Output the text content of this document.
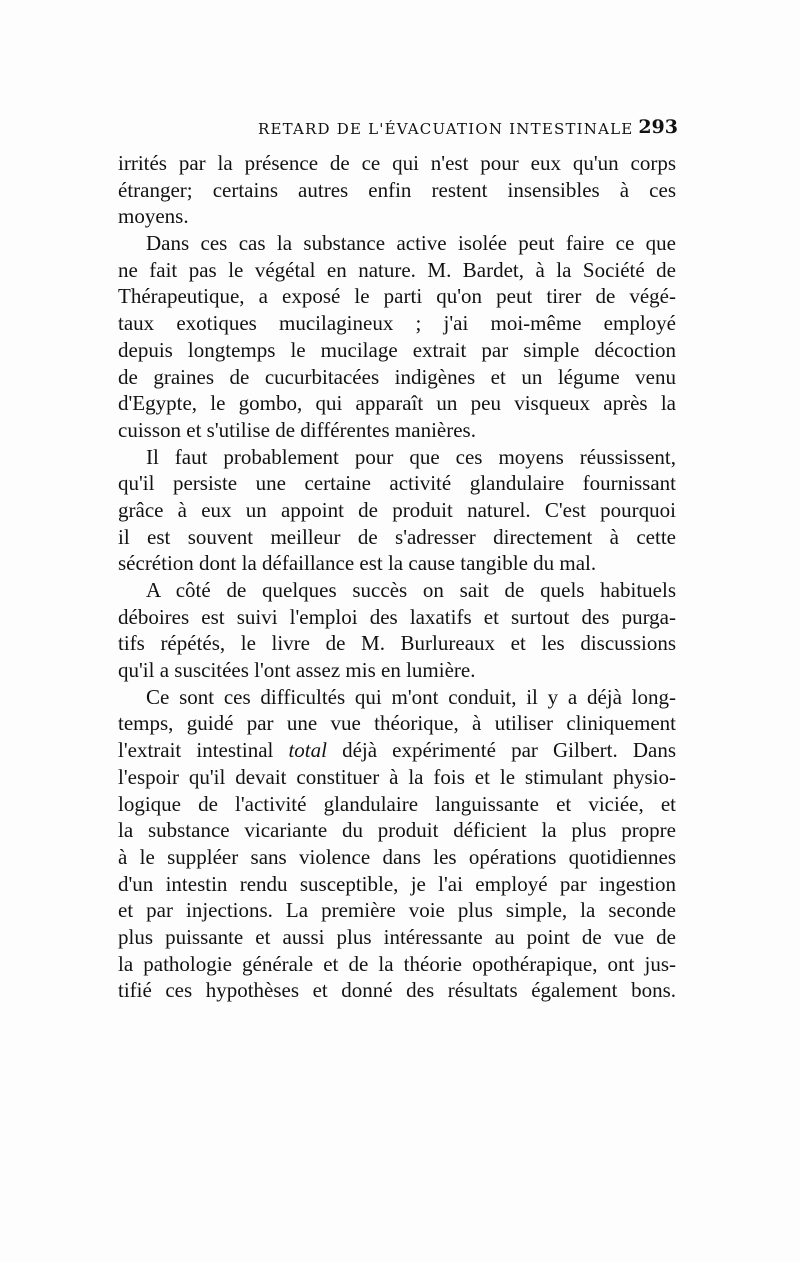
RETARD DE L'ÉVACUATION INTESTINALE 293
irrités par la présence de ce qui n'est pour eux qu'un corps
étranger; certains autres enfin restent insensibles à ces
moyens.
Dans ces cas la substance active isolée peut faire ce que
ne fait pas le végétal en nature. M. Bardet, à la Société de
Thérapeutique, a exposé le parti qu'on peut tirer de végé-
taux exotiques mucilagineux ; j'ai moi-même employé
depuis longtemps le mucilage extrait par simple décoction
de graines de cucurbitacées indigènes et un légume venu
d'Egypte, le gombo, qui apparaît un peu visqueux après la
cuisson et s'utilise de différentes manières.
Il faut probablement pour que ces moyens réussissent,
qu'il persiste une certaine activité glandulaire fournissant
grâce à eux un appoint de produit naturel. C'est pourquoi
il est souvent meilleur de s'adresser directement à cette
sécrétion dont la défaillance est la cause tangible du mal.
A côté de quelques succès on sait de quels habituels
déboires est suivi l'emploi des laxatifs et surtout des purga-
tifs répétés, le livre de M. Burlureaux et les discussions
qu'il a suscitées l'ont assez mis en lumière.
Ce sont ces difficultés qui m'ont conduit, il y a déjà long-
temps, guidé par une vue théorique, à utiliser cliniquement
l'extrait intestinal total déjà expérimenté par Gilbert. Dans
l'espoir qu'il devait constituer à la fois et le stimulant physio-
logique de l'activité glandulaire languissante et viciée, et
la substance vicariante du produit déficient la plus propre
à le suppléer sans violence dans les opérations quotidiennes
d'un intestin rendu susceptible, je l'ai employé par ingestion
et par injections. La première voie plus simple, la seconde
plus puissante et aussi plus intéressante au point de vue de
la pathologie générale et de la théorie opothérapique, ont jus-
tifié ces hypothèses et donné des résultats également bons.
